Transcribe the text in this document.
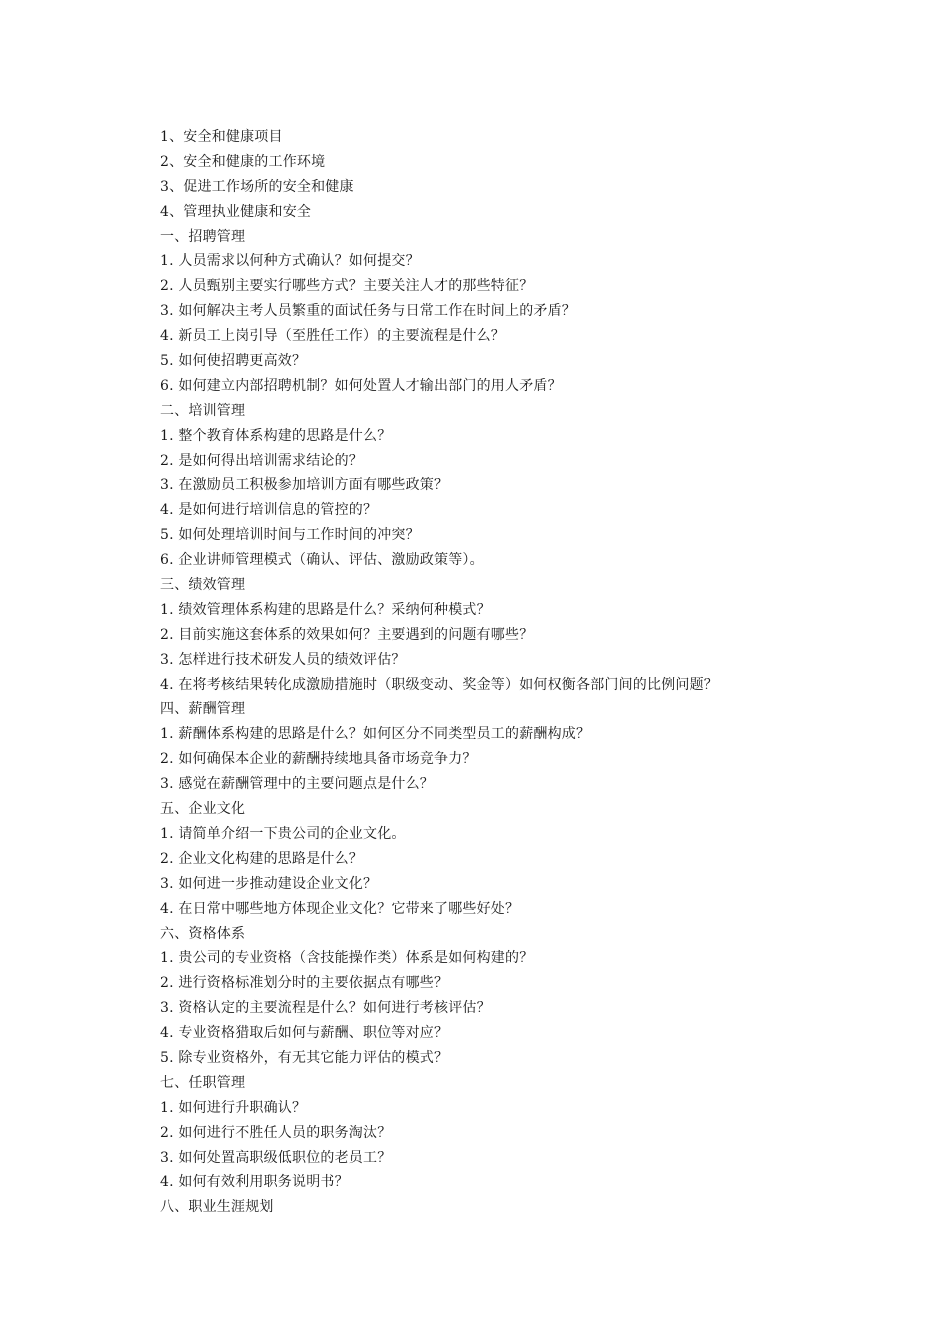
1、安全和健康项目
2、安全和健康的工作环境
3、促进工作场所的安全和健康
4、管理执业健康和安全
一、招聘管理
1. 人员需求以何种方式确认？如何提交？
2. 人员甄别主要实行哪些方式？主要关注人才的那些特征？
3. 如何解决主考人员繁重的面试任务与日常工作在时间上的矛盾？
4. 新员工上岗引导（至胜任工作）的主要流程是什么？
5. 如何使招聘更高效？
6. 如何建立内部招聘机制？如何处置人才输出部门的用人矛盾？
二、培训管理
1. 整个教育体系构建的思路是什么？
2. 是如何得出培训需求结论的？
3. 在激励员工积极参加培训方面有哪些政策？
4. 是如何进行培训信息的管控的？
5. 如何处理培训时间与工作时间的冲突？
6. 企业讲师管理模式（确认、评估、激励政策等）。
三、绩效管理
1. 绩效管理体系构建的思路是什么？采纳何种模式？
2. 目前实施这套体系的效果如何？主要遇到的问题有哪些？
3. 怎样进行技术研发人员的绩效评估？
4. 在将考核结果转化成激励措施时（职级变动、奖金等）如何权衡各部门间的比例问题？
四、薪酬管理
1. 薪酬体系构建的思路是什么？如何区分不同类型员工的薪酬构成？
2. 如何确保本企业的薪酬持续地具备市场竞争力？
3. 感觉在薪酬管理中的主要问题点是什么？
五、企业文化
1. 请简单介绍一下贵公司的企业文化。
2. 企业文化构建的思路是什么？
3. 如何进一步推动建设企业文化？
4. 在日常中哪些地方体现企业文化？它带来了哪些好处？
六、资格体系
1. 贵公司的专业资格（含技能操作类）体系是如何构建的？
2. 进行资格标准划分时的主要依据点有哪些？
3. 资格认定的主要流程是什么？如何进行考核评估？
4. 专业资格猎取后如何与薪酬、职位等对应？
5. 除专业资格外，有无其它能力评估的模式？
七、任职管理
1. 如何进行升职确认？
2. 如何进行不胜任人员的职务淘汰？
3. 如何处置高职级低职位的老员工？
4. 如何有效利用职务说明书？
八、职业生涯规划
